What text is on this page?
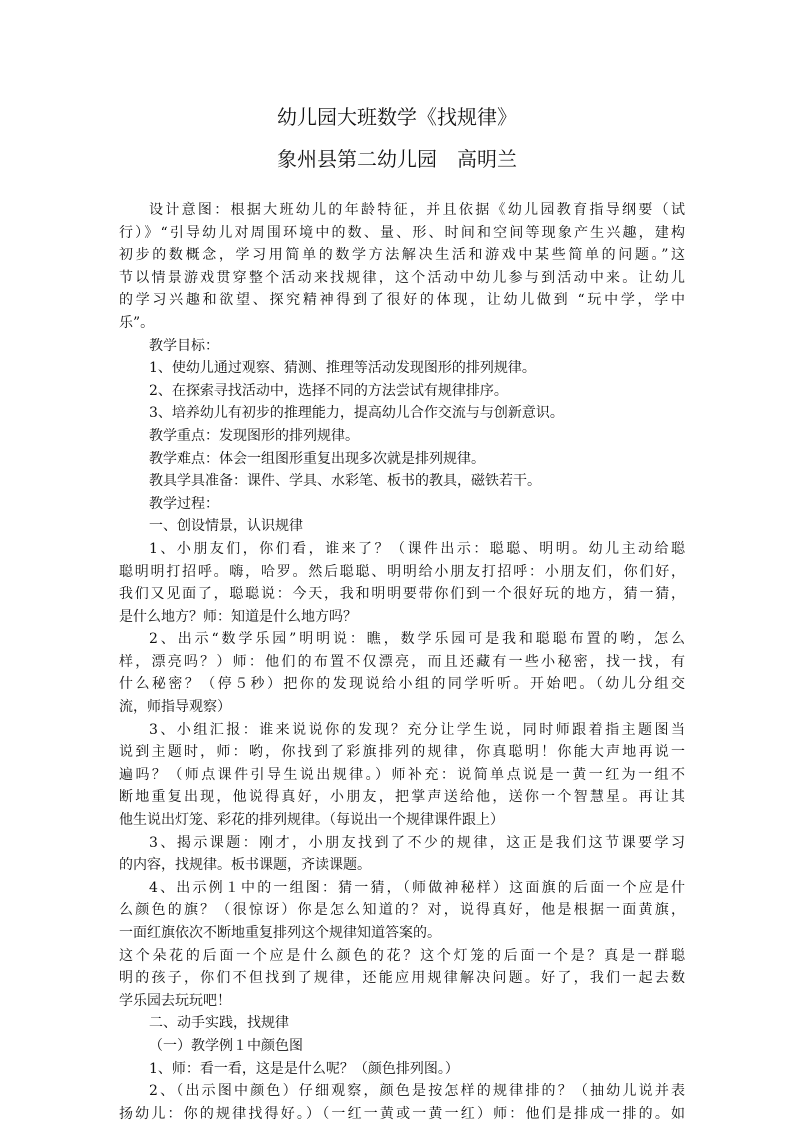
幼儿园大班数学《找规律》
象州县第二幼儿园　高明兰
设计意图：根据大班幼儿的年龄特征，并且依据《幼儿园教育指导纲要（试
行）》“引导幼儿对周围环境中的数、量、形、时间和空间等现象产生兴趣，建构
初步的数概念，学习用简单的数学方法解决生活和游戏中某些简单的问题。”这
节以情景游戏贯穿整个活动来找规律，这个活动中幼儿参与到活动中来。让幼儿
的学习兴趣和欲望、探究精神得到了很好的体现，让幼儿做到 “玩中学，学中
乐”。
教学目标：
1、使幼儿通过观察、猜测、推理等活动发现图形的排列规律。
2、在探索寻找活动中，选择不同的方法尝试有规律排序。
3、培养幼儿有初步的推理能力，提高幼儿合作交流与与创新意识。
教学重点：发现图形的排列规律。
教学难点：体会一组图形重复出现多次就是排列规律。
教具学具准备：课件、学具、水彩笔、板书的教具，磁铁若干。
教学过程：
一、创设情景，认识规律
1、小朋友们，你们看，谁来了？（课件出示：聪聪、明明。幼儿主动给聪
聪明明打招呼。嗨，哈罗。然后聪聪、明明给小朋友打招呼：小朋友们，你们好，
我们又见面了，聪聪说：今天，我和明明要带你们到一个很好玩的地方，猜一猜，
是什么地方？师：知道是什么地方吗？
2、出示“数学乐园”明明说：瞧，数学乐园可是我和聪聪布置的哟，怎么
样，漂亮吗？）师：他们的布置不仅漂亮，而且还藏有一些小秘密，找一找，有
什么秘密？（停５秒）把你的发现说给小组的同学听听。开始吧。（幼儿分组交
流，师指导观察）
3、小组汇报：谁来说说你的发现？充分让学生说，同时师跟着指主题图当
说到主题时，师：哟，你找到了彩旗排列的规律，你真聪明！你能大声地再说一
遍吗？（师点课件引导生说出规律。）师补充：说简单点说是一黄一红为一组不
断地重复出现，他说得真好，小朋友，把掌声送给他，送你一个智慧星。再让其
他生说出灯笼、彩花的排列规律。（每说出一个规律课件跟上）
3、揭示课题：刚才，小朋友找到了不少的规律，这正是我们这节课要学习
的内容，找规律。板书课题，齐读课题。
4、出示例１中的一组图：猜一猜，（师做神秘样）这面旗的后面一个应是什
么颜色的旗？（很惊讶）你是怎么知道的？对，说得真好，他是根据一面黄旗，
一面红旗依次不断地重复排列这个规律知道答案的。
这个朵花的后面一个应是什么颜色的花？这个灯笼的后面一个是？真是一群聪
明的孩子，你们不但找到了规律，还能应用规律解决问题。好了，我们一起去数
学乐园去玩玩吧！
二、动手实践，找规律
（一）教学例１中颜色图
1、师：看一看，这是是什么呢？（颜色排列图。）
2、（出示图中颜色）仔细观察，颜色是按怎样的规律排的？（抽幼儿说并表
扬幼儿：你的规律找得好。）（一红一黄或一黄一红）师：他们是排成一排的。如
